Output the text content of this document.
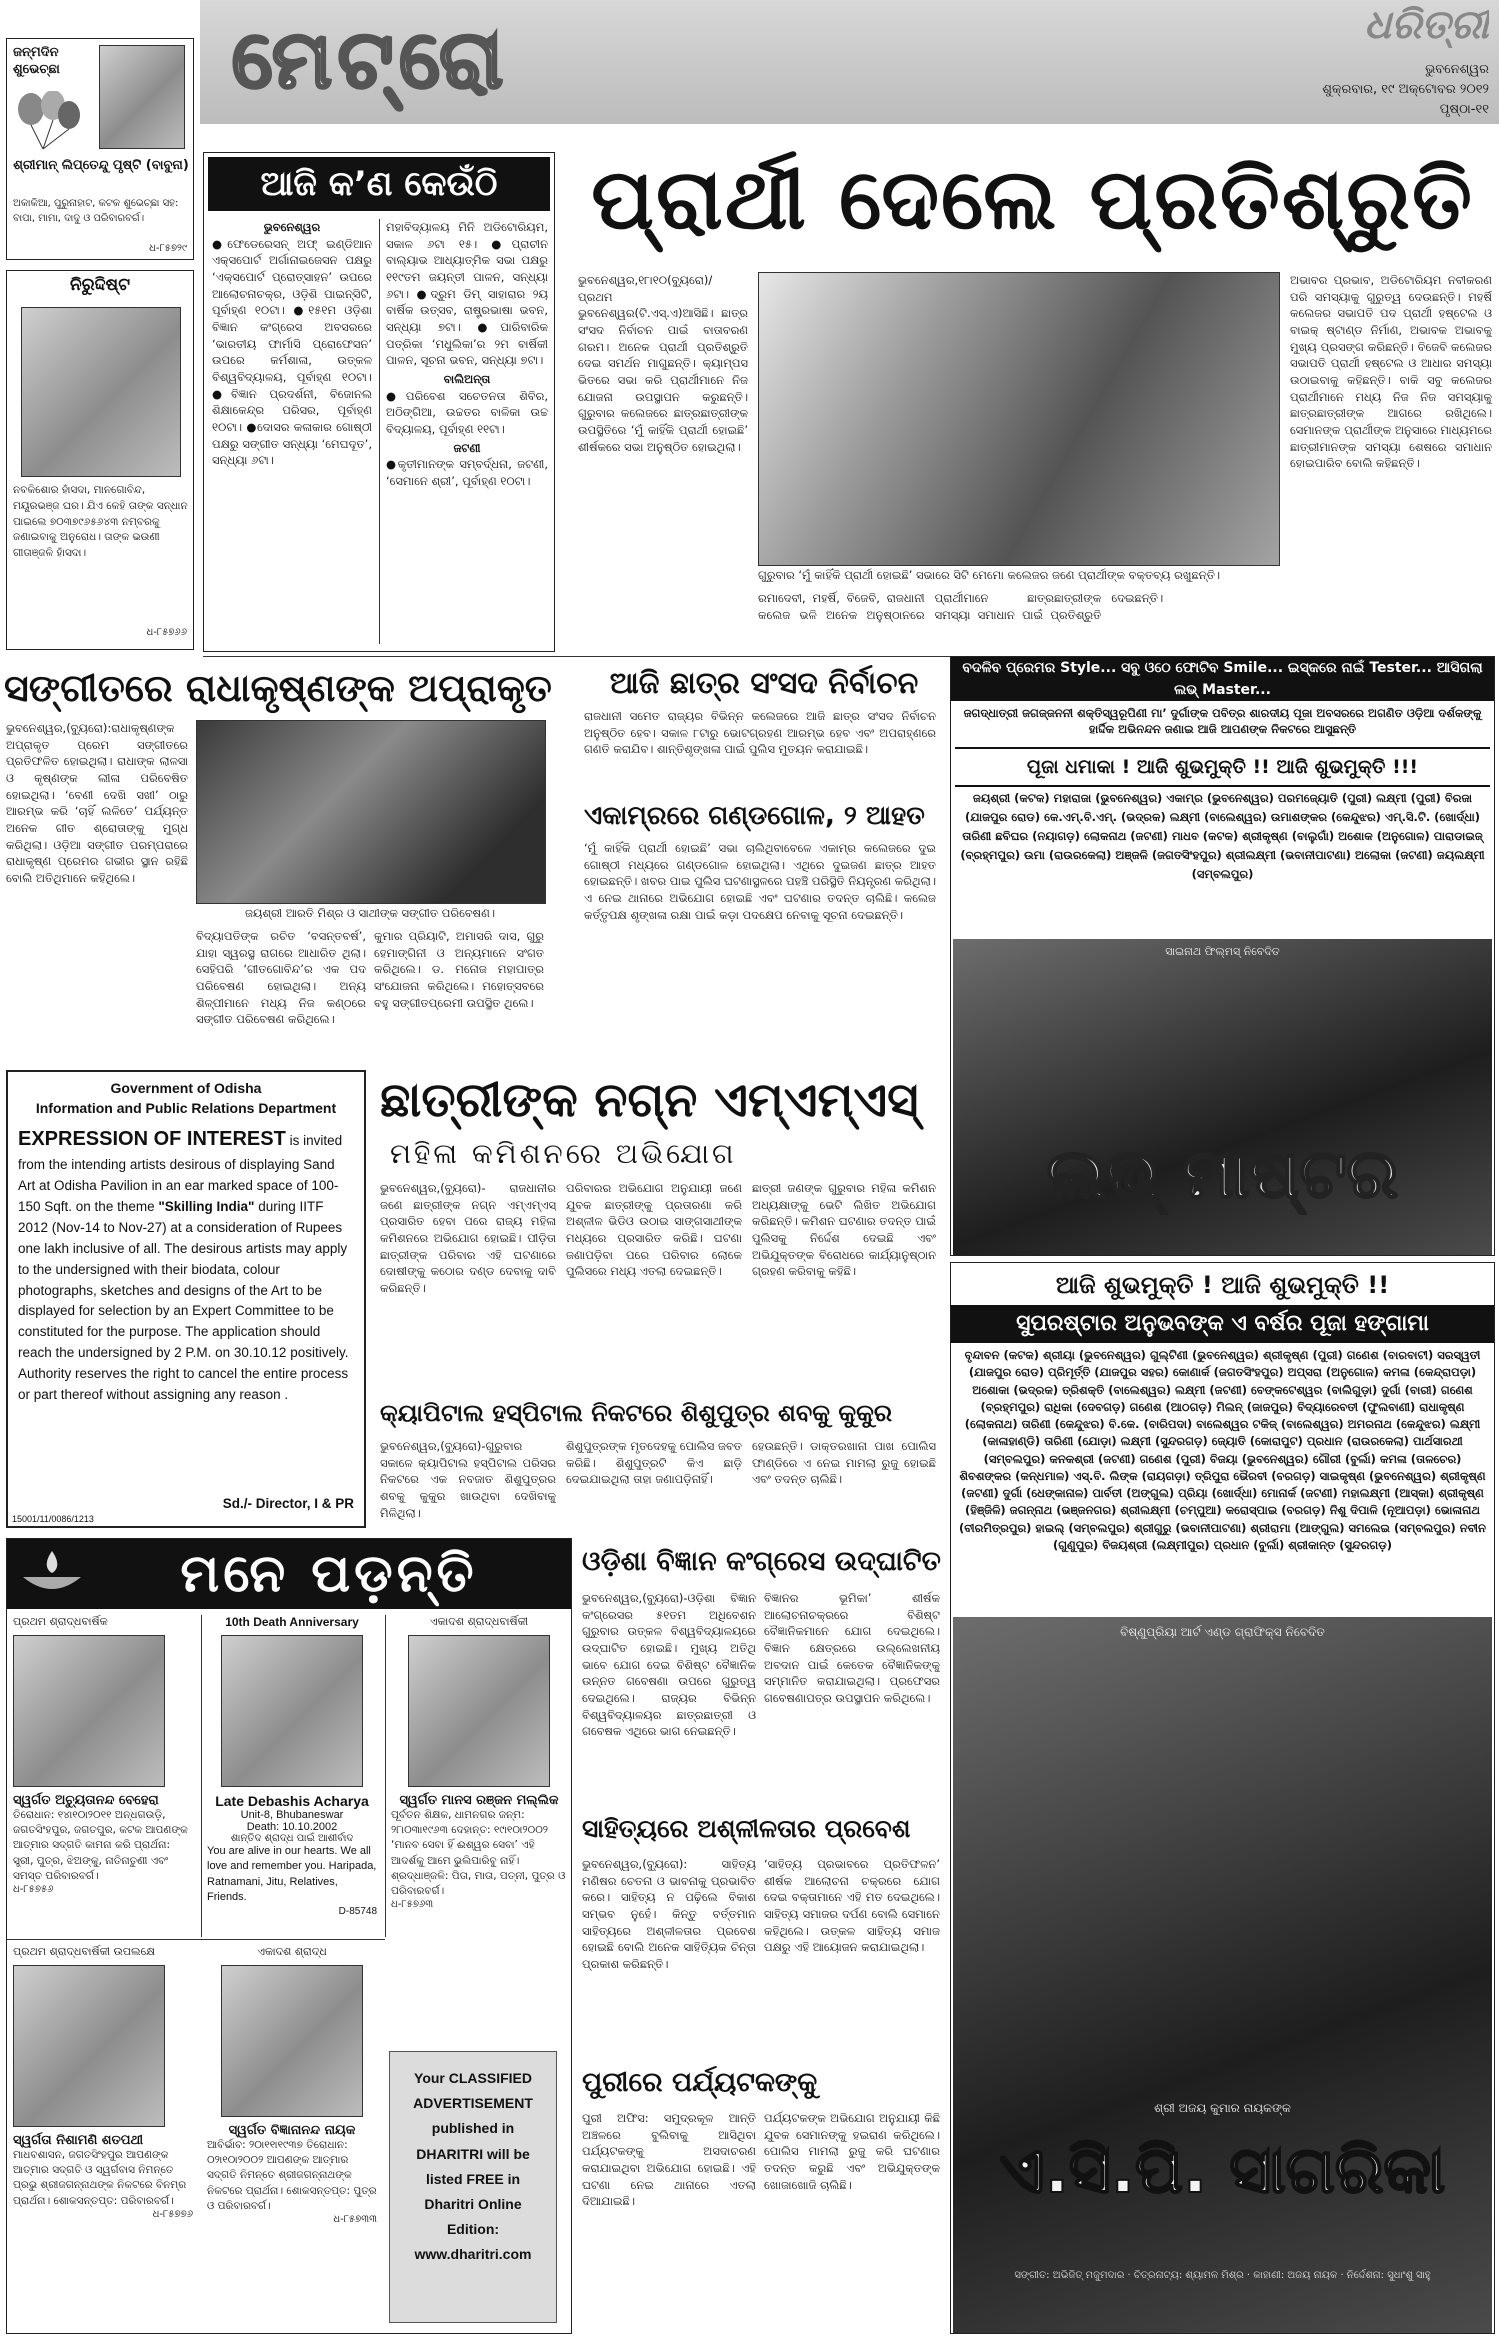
ମେଟ୍ରୋ	ଧରିତ୍ରୀ
ଭୁବନେଶ୍ୱର
ଶୁକ୍ରବାର, ୧୯ ଅକ୍ଟୋବର ୨୦୧୨
ପୃଷ୍ଠା-୧୧
ଜନ୍ମଦିନ ଶୁଭେଚ୍ଛା
ଶ୍ରୀମାନ୍ ଲିପ୍ତେନ୍ଦୁ ପୃଷ୍ଟି (ବାବୁନା)
ଅକାକିଆ, ପୁରୁନାହାଟ, କଟକ ଶୁଭେଚ୍ଛା ସହ: ବାପା, ମାମା, ଦାଦୁ ଓ ପରିବାରବର୍ଗ।
ଧ-୮୫୭୨୯
ନିରୁଦ୍ଦିଷ୍ଟ
ନବକିଶୋର ହାଁସଦା, ମାନଗୋବିନ୍ଦ, ମୟୂରଭଞ୍ଜ ଘର। ଯିଏ କେହି ତାଙ୍କ ସନ୍ଧାନ ପାଇଲେ ୭୦୩୭୯୬୫୬୪୩ ନମ୍ବରକୁ ଜଣାଇବାକୁ ଅନୁରୋଧ। ତାଙ୍କ ଭଉଣୀ ଗୀତାଞ୍ଜଳି ହାଁସଦା।
ଧ-୮୫୭୬୬
ଆଜି କ’ଣ କେଉଁଠି
ଭୁବନେଶ୍ୱର
●ଫେଡେରେସନ୍ ଅଫ୍ ଇଣ୍ଡିଆନ ଏକ୍ସପୋର୍ଟ ଅର୍ଗାନାଇଜେସନ ପକ୍ଷରୁ ‘ଏକ୍ସପୋର୍ଟ ପ୍ରୋତ୍ସାହନ’ ଉପରେ ଆଲୋଚନାଚକ୍ର, ଓଡ଼ିଶି ପାଇନ୍‌ସିଟି, ପୂର୍ବାହ୍ଣ ୧୦ଟା। ●୧୫୧ମ ଓଡ଼ିଶା ବିଜ୍ଞାନ କଂଗ୍ରେସ ଅବସରରେ ‘ଭାରତୀୟ ଫାର୍ମାସି ପ୍ରୋଫେସନ’ ଉପରେ କର୍ମଶାଳା, ଉତ୍କଳ ବିଶ୍ୱବିଦ୍ୟାଳୟ, ପୂର୍ବାହ୍ଣ ୧୦ଟା। ●ବିଜ୍ଞାନ ପ୍ରଦର୍ଶନୀ, ବିଜୋନଲ ଶିକ୍ଷାକେନ୍ଦ୍ର ପରିସର, ପୂର୍ବାହ୍ଣ ୧୦ଟା। ●ଦୋସର କଳାକାର ଗୋଷ୍ଠୀ ପକ୍ଷରୁ ସଙ୍ଗୀତ ସନ୍ଧ୍ୟା ‘ମେଘଦୂତ’, ସନ୍ଧ୍ୟା ୬ଟା।
ମହାବିଦ୍ୟାଳୟ ମିନି ଅଡିଟୋରିୟମ, ସକାଳ ୬ଟା ୧୫। ●ପ୍ରାଚୀନ ବାଲ୍ୟାଭ ଆଧ୍ୟାତ୍ମିକ ସଭା ପକ୍ଷରୁ ୧୧୯ତମ ଜୟନ୍ତୀ ପାଳନ, ସନ୍ଧ୍ୟା ୬ଟା। ●ଦ୍ରୁମ ଡିମ୍ ସାହାରାର ୨ୟ ବାର୍ଷିକ ଉତ୍ସବ, ରାଷ୍ଟ୍ରଭାଷା ଭବନ, ସନ୍ଧ୍ୟା ୭ଟା। ●ପାରିବାରିକ ପତ୍ରିକା ‘ମଧୁଲିକା’ର ୨ମ ବାର୍ଷିକୀ ପାଳନ, ସୂଚନା ଭବନ, ସନ୍ଧ୍ୟା ୭ଟା।
ବାଲିଅନ୍ତା
●ପରିବେଶ ସଚେତନତା ଶିବିର, ଅଠିଙ୍ଗିଆ, ଉଚ୍ଚତର ବାଳିକା ଉଚ୍ଚ ବିଦ୍ୟାଳୟ, ପୂର୍ବାହ୍ଣ ୧୧ଟା।
ଜଟଣୀ
●କୃତୀମାନଙ୍କ ସମ୍ବର୍ଦ୍ଧନା, ଜଟଣୀ, ‘ସେମାନେ ଶ୍ରୀ’, ପୂର୍ବାହ୍ଣ ୧୦ଟା।
ପ୍ରାର୍ଥୀ ଦେଲେ ପ୍ରତିଶ୍ରୁତି
ଭୁବନେଶ୍ୱର,୧୮ା୧୦(ବ୍ୟୁରୋ)/ ପ୍ରଥମ ଭୁବନେଶ୍ୱର(ଟି.ଏସ୍.ଏ)ଆସିଛି। ଛାତ୍ର ସଂସଦ ନିର୍ବାଚନ ପାଇଁ ବାତାବରଣ ଗରମ। ଅନେକ ପ୍ରାର୍ଥୀ ପ୍ରତିଶ୍ରୁତି ଦେଇ ସମର୍ଥନ ମାଗୁଛନ୍ତି। କ୍ୟାମ୍ପସ ଭିତରେ ସଭା କରି ପ୍ରାର୍ଥୀମାନେ ନିଜ ଯୋଜନା ଉପସ୍ଥାପନ କରୁଛନ୍ତି। ଗୁରୁବାର କଲେଜରେ ଛାତ୍ରଛାତ୍ରୀଙ୍କ ଉପସ୍ଥିତିରେ ‘ମୁଁ କାହିଁକି ପ୍ରାର୍ଥୀ ହୋଇଛି’ ଶୀର୍ଷକରେ ସଭା ଅନୁଷ୍ଠିତ ହୋଇଥିଲା।
ଗୁରୁବାର ‘ମୁଁ କାହିଁକି ପ୍ରାର୍ଥୀ ହୋଇଛି’ ସଭାରେ ସିଟି ମେମୋ କଲେଜର ଜଣେ ପ୍ରାର୍ଥୀଙ୍କ ବକ୍ତବ୍ୟ ରଖୁଛନ୍ତି।
ରମାଦେବୀ, ମହର୍ଷି, ବିଜେବି, ରାଜଧାନୀ କଲେଜ ଭଳି ଅନେକ ଅନୁଷ୍ଠାନରେ ପ୍ରାର୍ଥୀମାନେ ଛାତ୍ରଛାତ୍ରୀଙ୍କ ସମସ୍ୟା ସମାଧାନ ପାଇଁ ପ୍ରତିଶ୍ରୁତି ଦେଇଛନ୍ତି।
ଅଭାବର ପ୍ରଭାବ, ଅଡିଟୋରିୟମ ନବୀକରଣ ପରି ସମସ୍ୟାକୁ ଗୁରୁତ୍ୱ ଦେଉଛନ୍ତି। ମହର୍ଷି କଲେଜର ସଭାପତି ପଦ ପ୍ରାର୍ଥୀ ହଷ୍ଟେଲ ଓ ବାଇକ୍ ଷ୍ଟାଣ୍ଡ ନିର୍ମାଣ, ଅଭାବକ ଅଭାବକୁ ମୁଖ୍ୟ ପ୍ରସଙ୍ଗ କରିଛନ୍ତି। ବିଜେବି କଲେଜର ସଭାପତି ପ୍ରାର୍ଥୀ ହଷ୍ଟେଲ ଓ ଆଧାର ସମସ୍ୟା ଉଠାଇବାକୁ କହିଛନ୍ତି। ବାକି ସବୁ କଲେଜର ପ୍ରାର୍ଥୀମାନେ ମଧ୍ୟ ନିଜ ନିଜ ସମସ୍ୟାକୁ ଛାତ୍ରଛାତ୍ରୀଙ୍କ ଆଗରେ ରଖିଥିଲେ। ସେମାନଙ୍କ ପ୍ରାର୍ଥୀଙ୍କ ଅନୁସାରେ ମାଧ୍ୟମରେ ଛାତ୍ରୀମାନଙ୍କ ସମସ୍ୟା ଶେଷରେ ସମାଧାନ ହୋଇପାରିବ ବୋଲି କହିଛନ୍ତି।
ସଙ୍ଗୀତରେ ରାଧାକୃଷ୍ଣଙ୍କ ଅପ୍ରାକୃତ
ଭୁବନେଶ୍ୱର,(ବ୍ୟୁରୋ):ରାଧାକୃଷ୍ଣଙ୍କ ଅପ୍ରାକୃତ ପ୍ରେମ ସଙ୍ଗୀତରେ ପ୍ରତିଫଳିତ ହୋଇଥିଲା। ରାଧାଙ୍କ ଲାଳସା ଓ କୃଷ୍ଣଙ୍କ ଲୀଳା ପରିବେଷିତ ହୋଇଥିଲା। ‘ବେଣୀ ଦେଖି ସଖୀ’ ଠାରୁ ଆରମ୍ଭ କରି ‘ଚାହିଁ ଲଳିତେ’ ପର୍ଯ୍ୟନ୍ତ ଅନେକ ଗୀତ ଶ୍ରୋତାଙ୍କୁ ମୁଗ୍ଧ କରିଥିଲା। ଓଡ଼ିଆ ସଙ୍ଗୀତ ପରମ୍ପରାରେ ରାଧାକୃଷ୍ଣ ପ୍ରେମର ଗଭୀର ସ୍ଥାନ ରହିଛି ବୋଲି ଅତିଥିମାନେ କହିଥିଲେ।
ଜୟଶ୍ରୀ ଆରତି ମିଶ୍ର ଓ ସାଥୀଙ୍କ ସଙ୍ଗୀତ ପରିବେଷଣ।
ବିଦ୍ୟାପତିଙ୍କ ରଚିତ ‘ବସନ୍ତବର୍ଷ’, ଯାହା ସ୍ୱରସ୍ଥ ରାଗରେ ଆଧାରିତ ଥିଲା। ସେହିପରି ‘ଗୀତଗୋବିନ୍ଦ’ର ଏକ ପଦ ପରିବେଷଣ ହୋଇଥିଲା। ଅନ୍ୟ ଶିଳ୍ପୀମାନେ ମଧ୍ୟ ନିଜ କଣ୍ଠରେ ସଙ୍ଗୀତ ପରିବେଷଣ କରିଥିଲେ।
କୁମାର ପ୍ରିୟାଟି, ଅମାସରି ଦାସ, ଗୁରୁ ହେମାଙ୍ଗିନୀ ଓ ଅନ୍ୟମାନେ ସଂଗତ କରିଥିଲେ। ଡ. ମନୋଜ ମହାପାତ୍ର ସଂଯୋଜନା କରିଥିଲେ। ମହୋତ୍ସବରେ ବହୁ ସଙ୍ଗୀତପ୍ରେମୀ ଉପସ୍ଥିତ ଥିଲେ।
ଆଜି ଛାତ୍ର ସଂସଦ ନିର୍ବାଚନ
ରାଜଧାନୀ ସମେତ ରାଜ୍ୟର ବିଭିନ୍ନ କଲେଜରେ ଆଜି ଛାତ୍ର ସଂସଦ ନିର୍ବାଚନ ଅନୁଷ୍ଠିତ ହେବ। ସକାଳ ୮ଟାରୁ ଭୋଟଗ୍ରହଣ ଆରମ୍ଭ ହେବ ଏବଂ ଅପରାହ୍ଣରେ ଗଣତି କରାଯିବ। ଶାନ୍ତିଶୃଙ୍ଖଳା ପାଇଁ ପୁଲିସ ମୁତୟନ କରାଯାଇଛି।
ଏକାମ୍ରରେ ଗଣ୍ଡଗୋଳ, ୨ ଆହତ
‘ମୁଁ କାହିଁକି ପ୍ରାର୍ଥୀ ହୋଇଛି’ ସଭା ଚାଲିଥିବାବେଳେ ଏକାମ୍ର କଲେଜରେ ଦୁଇ ଗୋଷ୍ଠୀ ମଧ୍ୟରେ ଗଣ୍ଡଗୋଳ ହୋଇଥିଲା। ଏଥିରେ ଦୁଇଜଣ ଛାତ୍ର ଆହତ ହୋଇଛନ୍ତି। ଖବର ପାଇ ପୁଲିସ ଘଟଣାସ୍ଥଳରେ ପହଞ୍ଚି ପରିସ୍ଥିତି ନିୟନ୍ତ୍ରଣ କରିଥିଲା। ଏ ନେଇ ଥାନାରେ ଅଭିଯୋଗ ହୋଇଛି ଏବଂ ଘଟଣାର ତଦନ୍ତ ଚାଲିଛି। କଲେଜ କର୍ତ୍ତୃପକ୍ଷ ଶୃଙ୍ଖଳା ରକ୍ଷା ପାଇଁ କଡ଼ା ପଦକ୍ଷେପ ନେବାକୁ ସୂଚନା ଦେଇଛନ୍ତି।
ବଦଳିବ ପ୍ରେମର Style... ସବୁ ଓଠେ ଫୋଟିବ Smile... ଇସ୍କରେ ନାଇଁ Tester... ଆସିଗଲା ଲଭ୍ Master...
ଜଗଦ୍ଧାତ୍ରୀ ଜଗଜ୍ଜନନୀ ଶକ୍ତିସ୍ୱରୂପିଣୀ ମା’ ଦୁର୍ଗାଙ୍କ ପବିତ୍ର ଶାରଦୀୟ ପୂଜା ଅବସରରେ ଅଗଣିତ ଓଡ଼ିଆ ଦର୍ଶକଙ୍କୁ ହାର୍ଦ୍ଦିକ ଅଭିନନ୍ଦନ ଜଣାଇ ଆଜି ଆପଣଙ୍କ ନିକଟରେ ଆସୁଛନ୍ତି
ପୂଜା ଧମାକା ! ଆଜି ଶୁଭମୁକ୍ତି !! ଆଜି ଶୁଭମୁକ୍ତି !!!
ଜୟଶ୍ରୀ (କଟକ) ମହାରାଜା (ଭୁବନେଶ୍ୱର) ଏକାମ୍ର (ଭୁବନେଶ୍ୱର) ପରମଜ୍ୟୋତି (ପୁରୀ) ଲକ୍ଷ୍ମୀ (ପୁରୀ) ବିରଜା (ଯାଜପୁର ରୋଡ) କେ.ଏମ୍.ବି.ଏମ୍. (ଭଦ୍ରକ) ଲକ୍ଷ୍ମୀ (ବାଲେଶ୍ୱର) ଉମାଶଙ୍କର (କେନ୍ଦୁଝର) ଏମ୍.ସି.ଟି. (ଖୋର୍ଦ୍ଧା) ତାରିଣୀ ଛବିଘର (ନୟାଗଡ଼) ଲୋକନାଥ (ଜଟଣୀ) ମାଧବ (କଟକ) ଶ୍ରୀକୃଷ୍ଣ (ବାଲୁଗାଁ) ଅଶୋକ (ଅନୁଗୋଳ) ପାରାଡାଇଜ୍ (ବ୍ରହ୍ମପୁର) ଉମା (ରାଉରକେଲା) ଅଞ୍ଜଳି (ଜଗତସିଂହପୁର) ଶ୍ରୀଲକ୍ଷ୍ମୀ (ଭବାନୀପାଟଣା) ଅଲୋକା (ଜଟଣୀ) ଜୟଲକ୍ଷ୍ମୀ (ସମ୍ବଲପୁର)
ସାଇନାଥ ଫିଲ୍ମସ୍ ନିବେଦିତ
ଲଭ୍ ମାଷ୍ଟର
Government of Odisha
Information and Public Relations Department
EXPRESSION OF INTEREST is invited from the intending artists desirous of displaying Sand Art at Odisha Pavilion in an ear marked space of 100-150 Sqft. on the theme "Skilling India" during IITF 2012 (Nov-14 to Nov-27) at a consideration of Rupees one lakh inclusive of all. The desirous artists may apply to the undersigned with their biodata, colour photographs, sketches and designs of the Art to be displayed for selection by an Expert Committee to be constituted for the purpose. The application should reach the undersigned by 2 P.M. on 30.10.12 positively. Authority reserves the right to cancel the entire process or part thereof without assigning any reason .
Sd./- Director, I & PR
15001/11/0086/1213
ଛାତ୍ରୀଙ୍କ ନଗ୍ନ ଏମ୍ଏମ୍ଏସ୍
ମହିଳା କମିଶନରେ ଅଭିଯୋଗ
ଭୁବନେଶ୍ୱର,(ବ୍ୟୁରୋ)- ରାଜଧାନୀର ଜଣେ ଛାତ୍ରୀଙ୍କ ନଗ୍ନ ଏମ୍ଏମ୍ଏସ୍ ପ୍ରସାରିତ ହେବା ପରେ ରାଜ୍ୟ ମହିଳା କମିଶନରେ ଅଭିଯୋଗ ହୋଇଛି। ପୀଡ଼ିତା ଛାତ୍ରୀଙ୍କ ପରିବାର ଏହି ଘଟଣାରେ ଦୋଷୀଙ୍କୁ କଠୋର ଦଣ୍ଡ ଦେବାକୁ ଦାବି କରିଛନ୍ତି।
ପରିବାରର ଅଭିଯୋଗ ଅନୁଯାୟୀ ଜଣେ ଯୁବକ ଛାତ୍ରୀଙ୍କୁ ପ୍ରତାରଣା କରି ଅଶ୍ଳୀଳ ଭିଡିଓ ଉଠାଇ ସାଙ୍ଗସାଥୀଙ୍କ ମଧ୍ୟରେ ପ୍ରସାରିତ କରିଛି। ଘଟଣା ଜଣାପଡ଼ିବା ପରେ ପରିବାର ଲୋକେ ପୁଲିସରେ ମଧ୍ୟ ଏତଲା ଦେଇଛନ୍ତି।
ଛାତ୍ରୀ ଜଣଙ୍କ ଗୁରୁବାର ମହିଳା କମିଶନ ଅଧ୍ୟକ୍ଷାଙ୍କୁ ଭେଟି ଲିଖିତ ଅଭିଯୋଗ କରିଛନ୍ତି। କମିଶନ ଘଟଣାର ତଦନ୍ତ ପାଇଁ ପୁଲିସକୁ ନିର୍ଦ୍ଦେଶ ଦେଇଛି ଏବଂ ଅଭିଯୁକ୍ତଙ୍କ ବିରୋଧରେ କାର୍ଯ୍ୟାନୁଷ୍ଠାନ ଗ୍ରହଣ କରିବାକୁ କହିଛି।
କ୍ୟାପିଟାଲ ହସ୍ପିଟାଲ ନିକଟରେ ଶିଶୁପୁତ୍ର ଶବକୁ କୁକୁର
ଭୁବନେଶ୍ୱର,(ବ୍ୟୁରୋ)-ଗୁରୁବାର ସକାଳେ କ୍ୟାପିଟାଲ ହସ୍ପିଟାଲ ପରିସର ନିକଟରେ ଏକ ନବଜାତ ଶିଶୁପୁତ୍ରର ଶବକୁ କୁକୁର ଖାଉଥିବା ଦେଖିବାକୁ ମିଳିଥିଲା।
ଶିଶୁପୁତ୍ରଙ୍କ ମୃତଦେହକୁ ପୋଲିସ ଜବତ କରିଛି। ଶିଶୁପୁତ୍ରଟି କିଏ ଛାଡ଼ି ଦେଇଯାଇଥିଲା ତାହା ଜଣାପଡ଼ିନାହିଁ।
ହେଉଛନ୍ତି। ଡାକ୍ତରଖାନା ପାଖ ପୋଲିସ ଫାଣ୍ଡିରେ ଏ ନେଇ ମାମଲା ରୁଜୁ ହୋଇଛି ଏବଂ ତଦନ୍ତ ଚାଲିଛି।
ଆଜି ଶୁଭମୁକ୍ତି ! ଆଜି ଶୁଭମୁକ୍ତି !!
ସୁପରଷ୍ଟାର ଅନୁଭବଙ୍କ ଏ ବର୍ଷର ପୂଜା ହଙ୍ଗାମା
ବୃନ୍ଦାବନ (କଟକ) ଶ୍ରୀୟା (ଭୁବନେଶ୍ୱର) ଗୁଲ୍ଟିଣୀ (ଭୁବନେଶ୍ୱର) ଶ୍ରୀକୃଷ୍ଣ (ପୁରୀ) ଗଣେଶ (ବାରବାଟୀ) ସରସ୍ୱତୀ (ଯାଜପୁର ରୋଡ) ପ୍ରିମୂର୍ତ୍ତି (ଯାଜପୁର ସହର) କୋଣାର୍କ (ଜଗତସିଂହପୁର) ଅପ୍ସରା (ଅନୁଗୋଳ) କମଳା (କେନ୍ଦ୍ରାପଡ଼ା) ଅଶୋକା (ଭଦ୍ରକ) ତ୍ରିଶକ୍ତି (ବାଲେଶ୍ୱର) ଲକ୍ଷ୍ମୀ (ଜଟଣୀ) ବେଙ୍କଟେଶ୍ୱର (ବାଲିଗୁଡ଼ା) ଦୁର୍ଗା (ବାରୀ) ଗଣେଶ (ବ୍ରହ୍ମପୁର) ରାଧିକା (ଦେବଗଡ଼) ଗଣେଶ (ଆଠଗଡ଼) ମିଲନ୍ (ଜାଜପୁର) ବିଦ୍ୟାରେବତୀ (ଫୁଲବାଣୀ) ରାଧାକୃଷ୍ଣ (ଲୋକନାଥ) ତାରିଣୀ (କେନ୍ଦୁଝର) ବି.କେ. (ବାରିପଦା) ବାଲେଶ୍ୱର ଟକିଜ୍ (ବାଲେଶ୍ୱର) ଅମରନାଥ (କେନ୍ଦୁଝର) ଲକ୍ଷ୍ମୀ (କାଳାହାଣ୍ଡି) ତାରିଣୀ (ଯୋଡ଼ା) ଲକ୍ଷ୍ମୀ (ସୁନ୍ଦରଗଡ଼) ଜ୍ୟୋତି (କୋରାପୁଟ) ପ୍ରଧାନ (ରାଉରକେଲା) ପାର୍ଥସାରଥୀ (ସମ୍ବଲପୁର) କନକଶ୍ରୀ (ଜଟଣୀ) ଗଣେଶ (ପୁରୀ) ବିଜୟା (ଭୁବନେଶ୍ୱର) ଗୌରୀ (ବୁର୍ଲା) କମଳା (ତାଳଚେର) ଶିବଶଙ୍କର (କନ୍ଧମାଳ) ଏସ୍.ବି. ଲିଙ୍କ (ରାୟଗଡ଼ା) ତ୍ରିପୁରା ଭୈରବୀ (ବରଗଡ଼) ସାଇକୃଷ୍ଣ (ଭୁବନେଶ୍ୱର) ଶ୍ରୀକୃଷ୍ଣ (ଜଟଣୀ) ଦୁର୍ଗା (ଧେଙ୍କାନାଳ) ପାର୍ବତୀ (ଅଙ୍ଗୁଲ) ପ୍ରିୟା (ଖୋର୍ଦ୍ଧା) ମୋନାର୍କ (ଜଟଣୀ) ମହାଲକ୍ଷ୍ମୀ (ଆସ୍କା) ଶ୍ରୀକୃଷ୍ଣ (ହିଞ୍ଜିଳି) ଜଗନ୍ନାଥ (ଭଞ୍ଜନଗର) ଶ୍ରୀଲକ୍ଷ୍ମୀ (ଚମ୍ପୁଆ) କରୋସ୍ପାଇ (ବରଗଡ଼) ନିଶୁ ଦିପାଳି (ନୂଆପଡ଼ା) ଭୋଳାନାଥ (ବୀରମିତ୍ରପୁର) ହାଇଲ୍ (ସମ୍ବଲପୁର) ଶ୍ରୀଗୁରୁ (ଭବାନୀପାଟଣା) ଶ୍ରୀରାମା (ଆଙ୍ଗୁଲ) ସମଲେଇ (ସମ୍ବଲପୁର) ନବୀନ (ଗୁଣୁପୁର) ବିଜୟଶ୍ରୀ (ଲକ୍ଷ୍ମୀପୁର) ପ୍ରଧାନ (ବୁର୍ଲା) ଶ୍ରୀକାନ୍ତ (ସୁନ୍ଦରଗଡ଼)
ବିଷ୍ଣୁପ୍ରିୟା ଆର୍ଟ ଏଣ୍ଡ ଗ୍ରାଫିକ୍ସ ନିବେଦିତ
ଶ୍ରୀ ଅଜୟ କୁମାର ନାୟକଙ୍କ
ଏ.ସି.ପି. ସାଗରିକା
ସଙ୍ଗୀତ: ଅଭିଜିତ୍ ମଜୁମଦାର · ଚିତ୍ରନାଟ୍ୟ: ଶ୍ୟାମଳ ମିଶ୍ର · କାହାଣୀ: ଅଜୟ ନାୟକ · ନିର୍ଦ୍ଦେଶନା: ସୁଧାଂଶୁ ସାହୁ
ମନେ ପଡ଼ନ୍ତି
ପ୍ରଥମ ଶ୍ରାଦ୍ଧବାର୍ଷିକ
ସ୍ୱର୍ଗତ ଅଚ୍ୟୁତାନନ୍ଦ ବେହେରା
ତିରୋଧାନ: ୧୪ା୧୦ା୨୦୧୧ ଅନ୍ଧଗଉଡ଼ି, ଜଗତସିଂହପୁର, ଜଗତପୁର, କଟକ ଆପଣଙ୍କ ଆତ୍ମାର ସଦ୍‌ଗତି କାମନା କରି ପ୍ରାର୍ଥନା: ସ୍ତ୍ରୀ, ପୁତ୍ର, ଝିଅଙ୍କୁ, ନାତିନାତୁଣୀ ଏବଂ ସମସ୍ତ ପରିବାରବର୍ଗ।
ଧ-୮୫୭୫୬
10th Death Anniversary
Late Debashis Acharya
Unit-8, Bhubaneswar
Death: 10.10.2002
ଶାନ୍ତିଦ ଶ୍ରାଦ୍ଧ ପାଇଁ ଆଶୀର୍ବାଦ
You are alive in our hearts. We all love and remember you. Haripada, Ratnamani, Jitu, Relatives, Friends.
D-85748
ଏକାଦଶ ଶ୍ରାଦ୍ଧବାର୍ଷିକୀ
ସ୍ୱର୍ଗତ ମାନସ ରଞ୍ଜନ ମଲ୍ଲିକ
ପୂର୍ବତନ ଶିକ୍ଷକ, ଧାମନଗର ଜନ୍ମ: ୨୮ା୦୩ା୧୯୬୩ ଦେହାନ୍ତ: ୧୯ା୧୦ା୨୦୦୨ ‘ମାନବ ସେବା ହିଁ ଈଶ୍ୱର ସେବା’ ଏହି ଆଦର୍ଶକୁ ଆମେ ଭୁଲିପାରିବୁ ନାହିଁ। ଶ୍ରଦ୍ଧାଞ୍ଜଳି: ପିତା, ମାତା, ପତ୍ନୀ, ପୁତ୍ର ଓ ପରିବାରବର୍ଗ।
ଧ-୮୫୭୬୩
ପ୍ରଥମ ଶ୍ରାଦ୍ଧବାର୍ଷିକୀ ଉପଲକ୍ଷେ
ସ୍ୱର୍ଗତା ନିଶାମଣି ଶତପଥୀ
ମାଧବଶାସନ, ଜଗତସିଂହପୁର ଆପଣଙ୍କ ଆତ୍ମାର ସଦ୍‌ଗତି ଓ ସ୍ୱର୍ଗବାସ ନିମନ୍ତେ ପ୍ରଭୁ ଶ୍ରୀଜଗନ୍ନାଥଙ୍କ ନିକଟରେ ବିନମ୍ର ପ୍ରାର୍ଥନା। ଶୋକସନ୍ତପ୍ତ: ପରିବାରବର୍ଗ।
ଧ-୮୫୭୭୬
ଏକାଦଶ ଶ୍ରାଦ୍ଧ
ସ୍ୱର୍ଗତ ବିଜ୍ଞାନାନନ୍ଦ ନାୟକ
ଆବିର୍ଭାବ: ୨୦ା୧୧ା୧୯୩୭ ତିରୋଧାନ: ୦୨ା୧୦ା୨୦୦୨ ଆପଣଙ୍କ ଆତ୍ମାର ସଦ୍‌ଗତି ନିମନ୍ତେ ଶ୍ରୀଜଗନ୍ନାଥଙ୍କ ନିକଟରେ ପ୍ରାର୍ଥନା। ଶୋକସନ୍ତପ୍ତ: ପୁତ୍ର ଓ ପରିବାରବର୍ଗ।
ଧ-୮୫୭୩୩
Your CLASSIFIED
ADVERTISEMENT
published in
DHARITRI will be
listed FREE in
Dharitri Online
Edition:
www.dharitri.com
ଓଡ଼ିଶା ବିଜ୍ଞାନ କଂଗ୍ରେସ ଉଦ୍‌ଘାଟିତ
ଭୁବନେଶ୍ୱର,(ବ୍ୟୁରୋ)-ଓଡ଼ିଶା ବିଜ୍ଞାନ କଂଗ୍ରେସର ୫୧ତମ ଅଧିବେଶନ ଗୁରୁବାର ଉତ୍କଳ ବିଶ୍ୱବିଦ୍ୟାଳୟରେ ଉଦ୍‌ଘାଟିତ ହୋଇଛି। ମୁଖ୍ୟ ଅତିଥି ଭାବେ ଯୋଗ ଦେଇ ବିଶିଷ୍ଟ ବୈଜ୍ଞାନିକ ଉନ୍ନତ ଗବେଷଣା ଉପରେ ଗୁରୁତ୍ୱ ଦେଇଥିଲେ। ରାଜ୍ୟର ବିଭିନ୍ନ ବିଶ୍ୱବିଦ୍ୟାଳୟର ଛାତ୍ରଛାତ୍ରୀ ଓ ଗବେଷକ ଏଥିରେ ଭାଗ ନେଇଛନ୍ତି।
ବିଜ୍ଞାନର ଭୂମିକା’ ଶୀର୍ଷକ ଆଲୋଚନାଚକ୍ରରେ ବିଶିଷ୍ଟ ବୈଜ୍ଞାନିକମାନେ ଯୋଗ ଦେଇଥିଲେ। ବିଜ୍ଞାନ କ୍ଷେତ୍ରରେ ଉଲ୍ଲେଖନୀୟ ଅବଦାନ ପାଇଁ କେତେକ ବୈଜ୍ଞାନିକଙ୍କୁ ସମ୍ମାନିତ କରାଯାଇଥିଲା। ପ୍ରଫେସର ଗବେଷଣାପତ୍ର ଉପସ୍ଥାପନ କରିଥିଲେ।
ସାହିତ୍ୟରେ ଅଶ୍ଳୀଳତାର ପ୍ରବେଶ
ଭୁବନେଶ୍ୱର,(ବ୍ୟୁରୋ): ସାହିତ୍ୟ ମଣିଷର ଚେତନା ଓ ଭାବନାକୁ ପ୍ରଭାବିତ କରେ। ସାହିତ୍ୟ ନ ପଢ଼ିଲେ ବିକାଶ ସମ୍ଭବ ନୁହେଁ। କିନ୍ତୁ ବର୍ତ୍ତମାନ ସାହିତ୍ୟରେ ଅଶ୍ଳୀଳତାର ପ୍ରବେଶ ହୋଇଛି ବୋଲି ଅନେକ ସାହିତ୍ୟିକ ଚିନ୍ତା ପ୍ରକାଶ କରିଛନ୍ତି।
‘ସାହିତ୍ୟ ପ୍ରଭାବରେ ପ୍ରତିଫଳନ’ ଶୀର୍ଷକ ଆଲୋଚନା ଚକ୍ରରେ ଯୋଗ ଦେଇ ବକ୍ତାମାନେ ଏହି ମତ ଦେଇଥିଲେ। ସାହିତ୍ୟ ସମାଜର ଦର୍ପଣ ବୋଲି ସେମାନେ କହିଥିଲେ। ଉତ୍କଳ ସାହିତ୍ୟ ସମାଜ ପକ୍ଷରୁ ଏହି ଆୟୋଜନ କରାଯାଇଥିଲା।
ପୁରୀରେ ପର୍ଯ୍ୟଟକଙ୍କୁ
ପୁରୀ ଅଫିସ: ସମୁଦ୍ରକୂଳ ଆନ୍ତି ଅଞ୍ଚଳରେ ବୁଲିବାକୁ ଆସିଥିବା ପର୍ଯ୍ୟଟକଙ୍କୁ ଅସଦାଚରଣ କରାଯାଇଥିବା ଅଭିଯୋଗ ହୋଇଛି। ଏହି ଘଟଣା ନେଇ ଥାନାରେ ଏତଲା ଦିଆଯାଇଛି।
ପର୍ଯ୍ୟଟକଙ୍କ ଅଭିଯୋଗ ଅନୁଯାୟୀ କିଛି ଯୁବକ ସେମାନଙ୍କୁ ହଇରାଣ କରିଥିଲେ। ପୋଲିସ ମାମଲା ରୁଜୁ କରି ଘଟଣାର ତଦନ୍ତ କରୁଛି ଏବଂ ଅଭିଯୁକ୍ତଙ୍କ ଖୋଜାଖୋଜି ଚାଲିଛି।
